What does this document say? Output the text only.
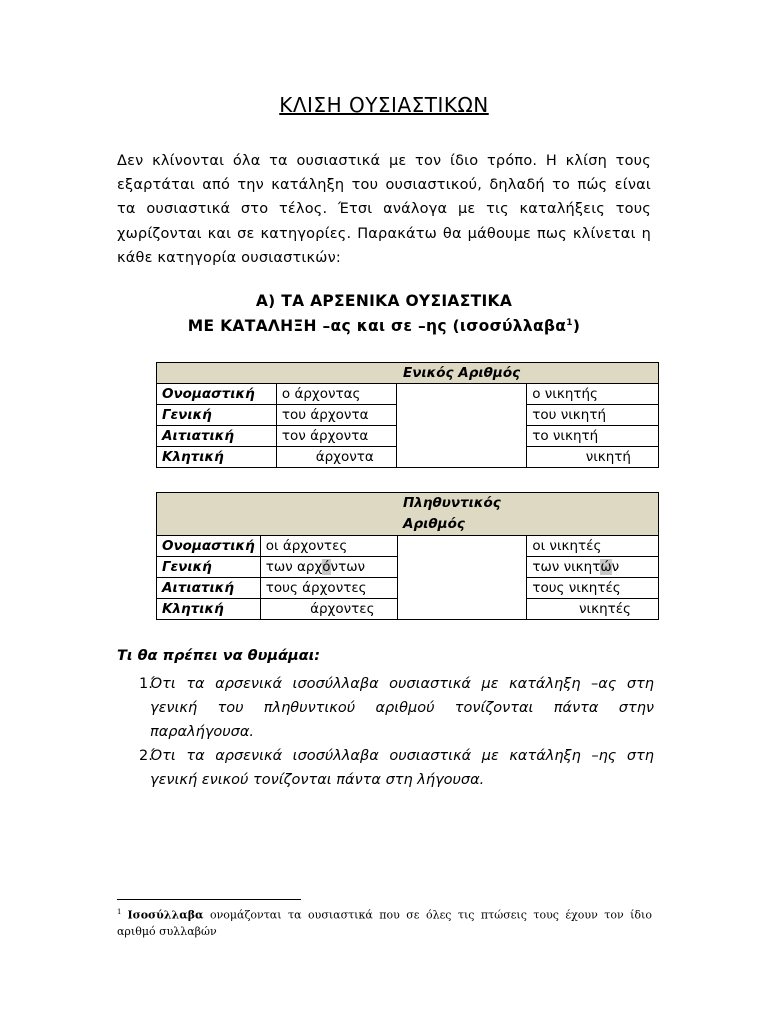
ΚΛΙΣΗ ΟΥΣΙΑΣΤΙΚΩΝ
Δεν κλίνονται όλα τα ουσιαστικά με τον ίδιο τρόπο. Η κλίση τους εξαρτάται από την κατάληξη του ουσιαστικού, δηλαδή το πώς είναι τα ουσιαστικά στο τέλος. Έτσι ανάλογα με τις καταλήξεις τους χωρίζονται και σε κατηγορίες. Παρακάτω θα μάθουμε πως κλίνεται η κάθε κατηγορία ουσιαστικών:
Α) ΤΑ ΑΡΣΕΝΙΚΑ ΟΥΣΙΑΣΤΙΚΑ
ΜΕ ΚΑΤΑΛΗΞΗ –ας και σε –ης (ισοσύλλαβα$^1$)
Ενικός Αριθμός			
Ονομαστική	ο άρχοντας		ο νικητής
Γενική	του άρχοντα		του νικητή
Αιτιατική	τον άρχοντα		το νικητή
Κλητική	άρχοντα		νικητή
Πληθυντικός
Αριθμός			
Ονομαστική	οι άρχοντες		οι νικητές
Γενική	των αρχόντων		των νικητών
Αιτιατική	τους άρχοντες		τους νικητές
Κλητική	άρχοντες		νικητές
Τι θα πρέπει να θυμάμαι:
1.
Ότι τα αρσενικά ισοσύλλαβα ουσιαστικά με κατάληξη –ας στη γενική του πληθυντικού αριθμού τονίζονται πάντα στην παραλήγουσα.
2.
Ότι τα αρσενικά ισοσύλλαβα ουσιαστικά με κατάληξη –ης στη γενική ενικού τονίζονται πάντα στη λήγουσα.
$^1$ Ισοσύλλαβα ονομάζονται τα ουσιαστικά που σε όλες τις πτώσεις τους έχουν τον ίδιο αριθμό συλλαβών
